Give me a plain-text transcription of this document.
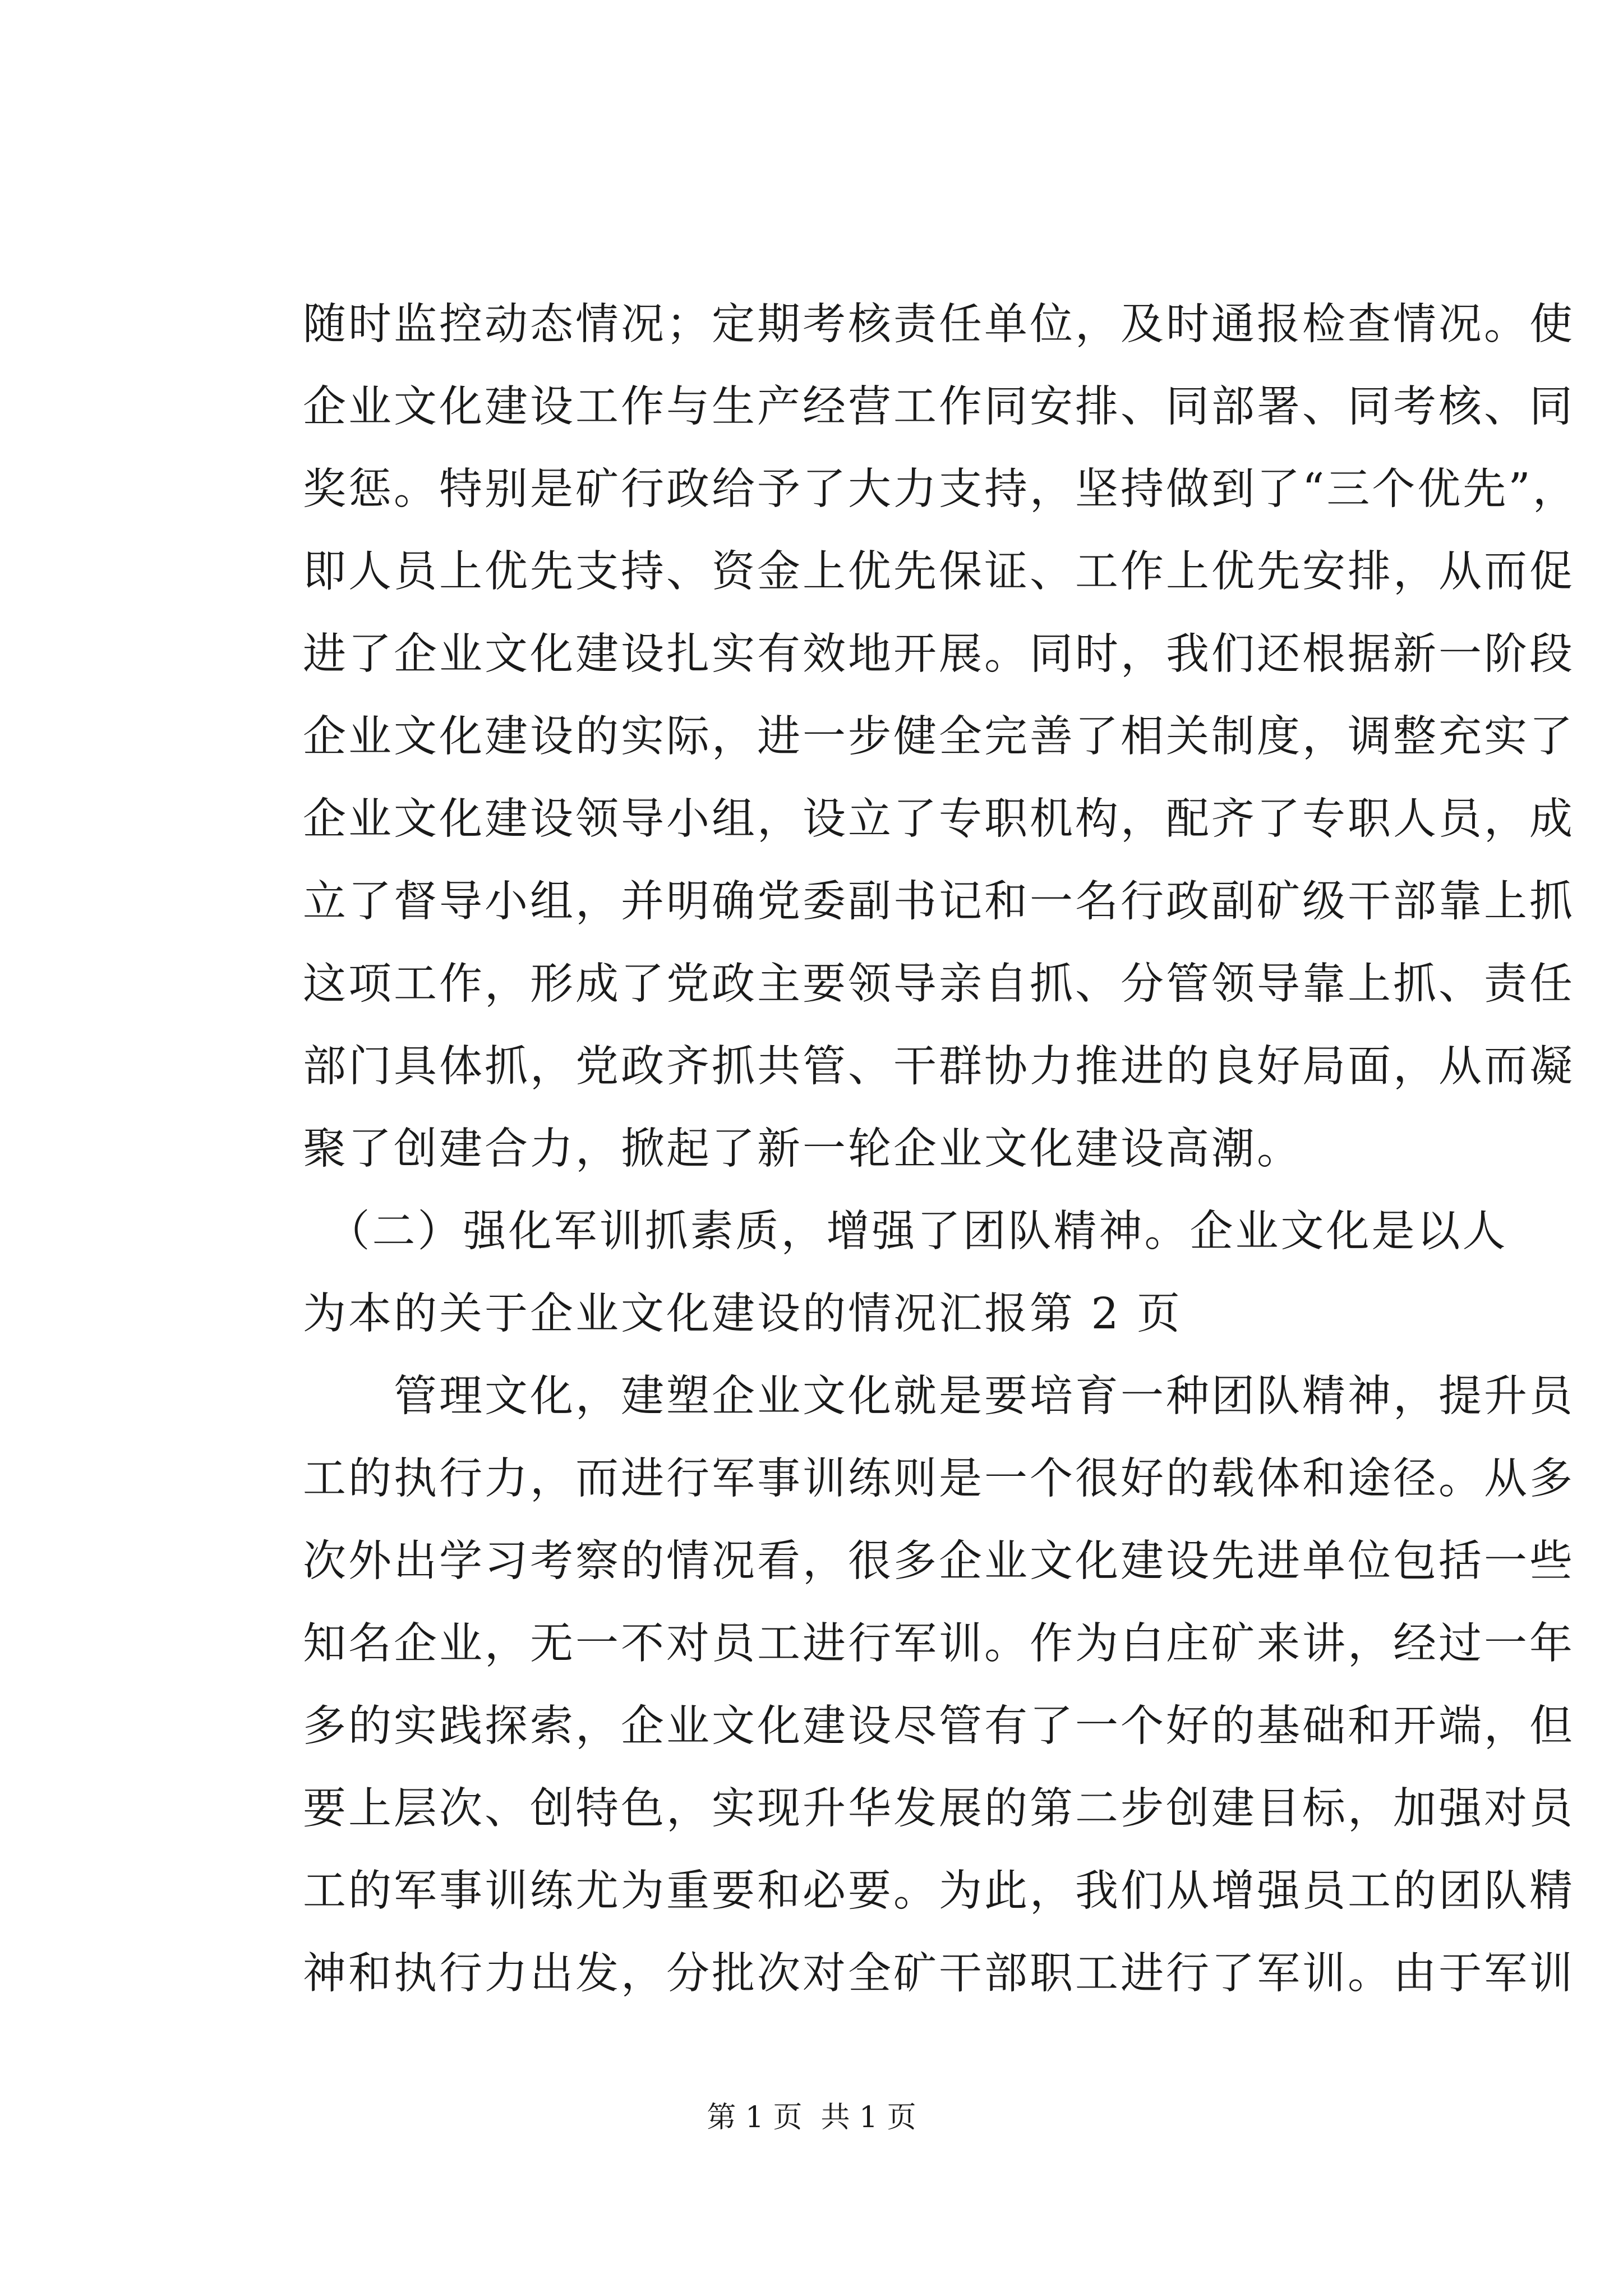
随时监控动态情况；定期考核责任单位，及时通报检查情况。使
企业文化建设工作与生产经营工作同安排、同部署、同考核、同
奖惩。特别是矿行政给予了大力支持，坚持做到了“三个优先”，
即人员上优先支持、资金上优先保证、工作上优先安排，从而促
进了企业文化建设扎实有效地开展。同时，我们还根据新一阶段
企业文化建设的实际，进一步健全完善了相关制度，调整充实了
企业文化建设领导小组，设立了专职机构，配齐了专职人员，成
立了督导小组，并明确党委副书记和一名行政副矿级干部靠上抓
这项工作，形成了党政主要领导亲自抓、分管领导靠上抓、责任
部门具体抓，党政齐抓共管、干群协力推进的良好局面，从而凝
聚了创建合力，掀起了新一轮企业文化建设高潮。
　（二）强化军训抓素质，增强了团队精神。企业文化是以人
为本的关于企业文化建设的情况汇报第 2 页
　　管理文化，建塑企业文化就是要培育一种团队精神，提升员
工的执行力，而进行军事训练则是一个很好的载体和途径。从多
次外出学习考察的情况看，很多企业文化建设先进单位包括一些
知名企业，无一不对员工进行军训。作为白庄矿来讲，经过一年
多的实践探索，企业文化建设尽管有了一个好的基础和开端，但
要上层次、创特色，实现升华发展的第二步创建目标，加强对员
工的军事训练尤为重要和必要。为此，我们从增强员工的团队精
神和执行力出发，分批次对全矿干部职工进行了军训。由于军训
第 1 页  共 1 页
